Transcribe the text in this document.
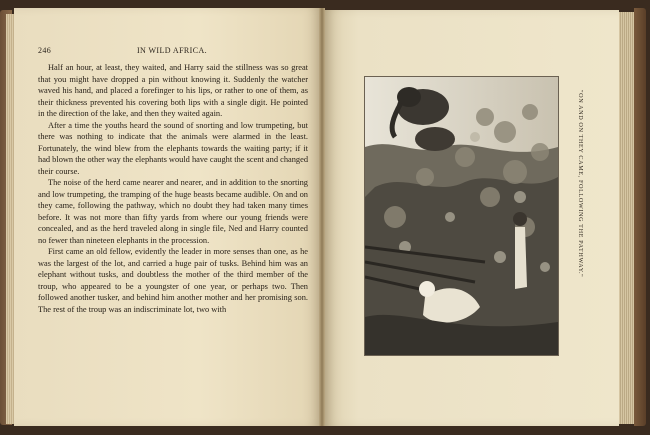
246	IN WILD AFRICA.

Half an hour, at least, they waited, and Harry said the stillness was so great that you might have dropped a pin without knowing it. Suddenly the watcher waved his hand, and placed a forefinger to his lips, or rather to one of them, as their thickness prevented his covering both lips with a single digit. He pointed in the direction of the lake, and then they waited again.

After a time the youths heard the sound of snorting and low trumpeting, but there was nothing to indicate that the animals were alarmed in the least. Fortunately, the wind blew from the elephants towards the waiting party; if it had blown the other way the elephants would have caught the scent and changed their course.

The noise of the herd came nearer and nearer, and in addition to the snorting and low trumpeting, the tramping of the huge beasts became audible. On and on they came, following the pathway, which no doubt they had taken many times before. It was not more than fifty yards from where our young friends were concealed, and as the herd traveled along in single file, Ned and Harry counted no fewer than nineteen elephants in the procession.

First came an old fellow, evidently the leader in more senses than one, as he was the largest of the lot, and carried a huge pair of tusks. Behind him was an elephant without tusks, and doubtless the mother of the third member of the troup, who appeared to be a youngster of one year, or perhaps two. Then followed another tusker, and behind him another mother and her promising son. The rest of the troup was an indiscriminate lot, two with

"ON AND ON THEY CAME, FOLLOWING THE PATHWAY."
